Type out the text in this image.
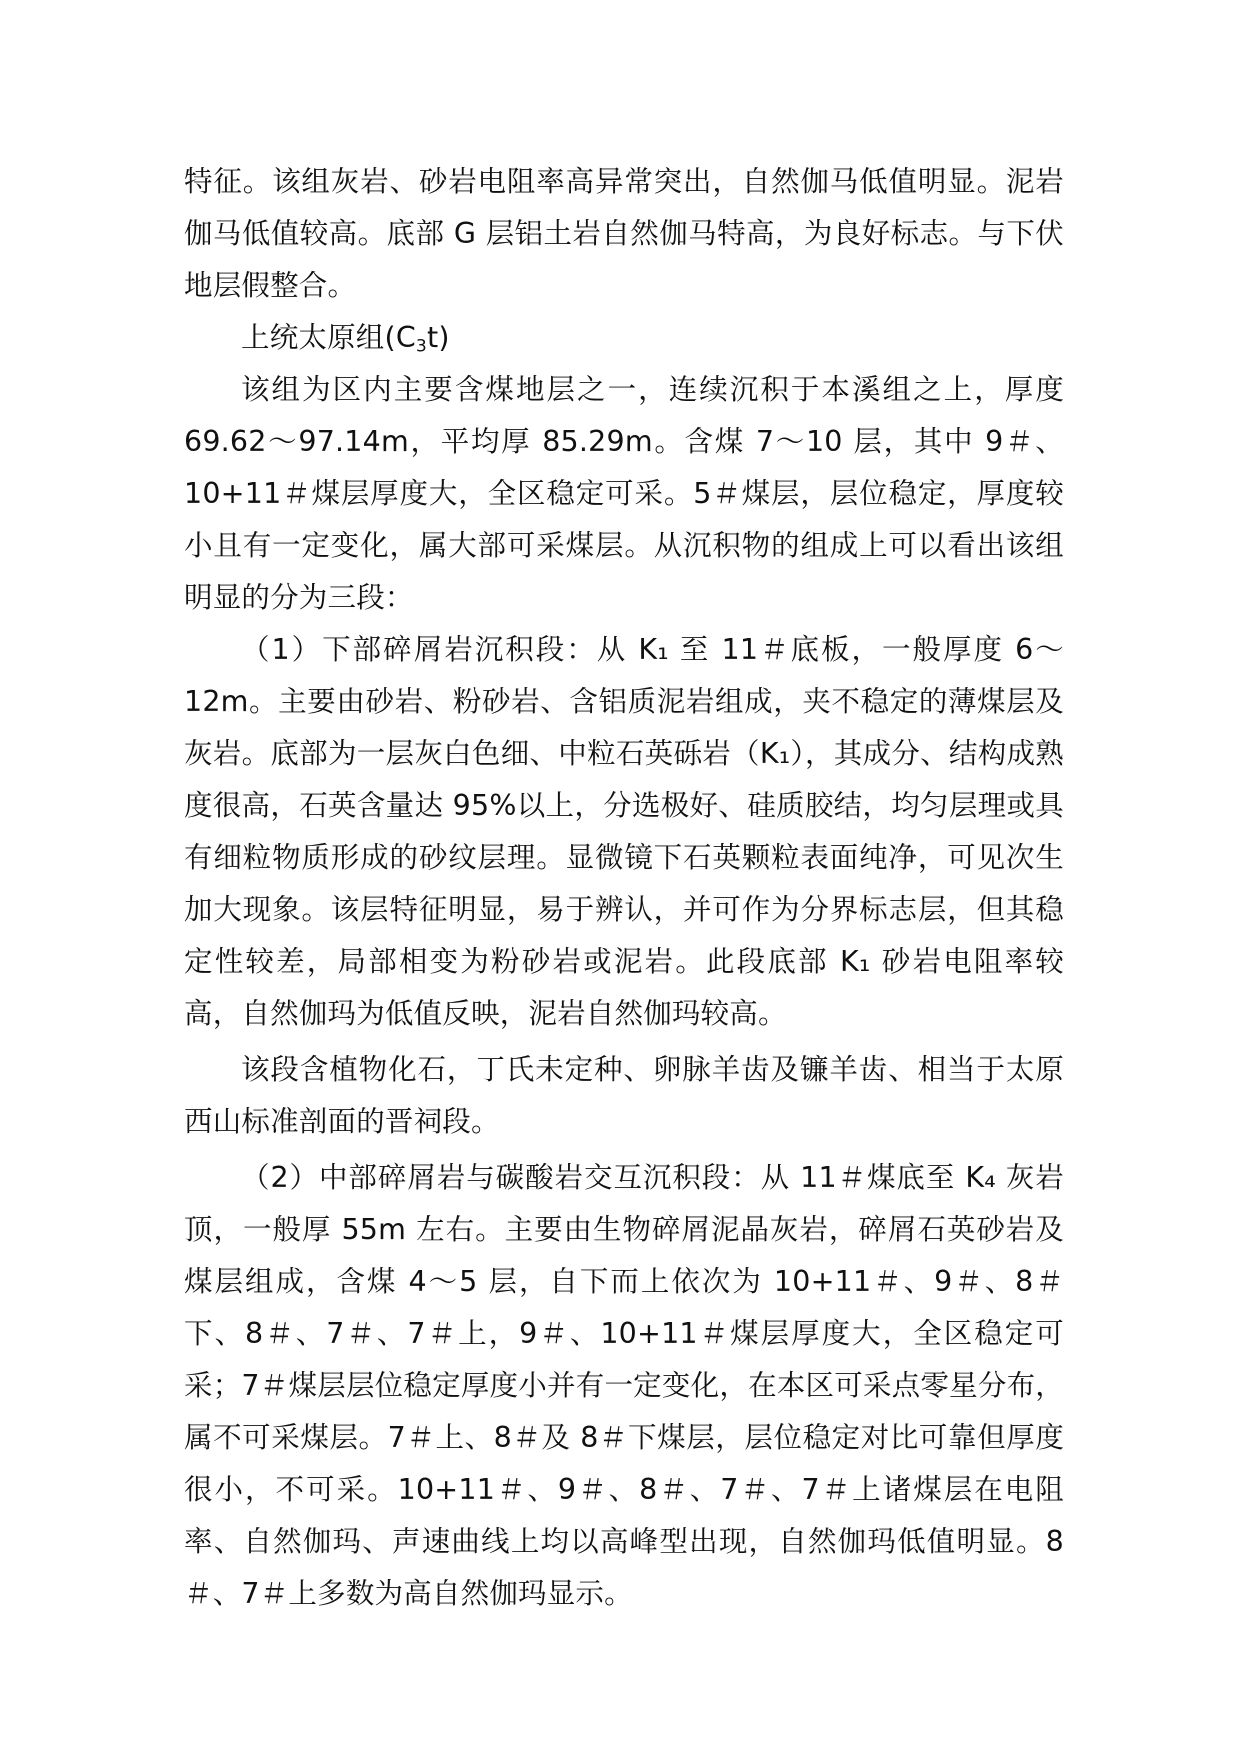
特征。该组灰岩、砂岩电阻率高异常突出，自然伽马低值明显。泥岩伽马低值较高。底部 G 层铝土岩自然伽马特高，为良好标志。与下伏地层假整合。

上统太原组$(C_3t)$

该组为区内主要含煤地层之一，连续沉积于本溪组之上，厚度 69.62～97.14m，平均厚 85.29m。含煤 7～10 层，其中 9＃、10+11＃煤层厚度大，全区稳定可采。5＃煤层，层位稳定，厚度较小且有一定变化，属大部可采煤层。从沉积物的组成上可以看出该组明显的分为三段：

（1）下部碎屑岩沉积段：从 K₁ 至 11＃底板，一般厚度 6～12m。主要由砂岩、粉砂岩、含铝质泥岩组成，夹不稳定的薄煤层及灰岩。底部为一层灰白色细、中粒石英砾岩（K₁），其成分、结构成熟度很高，石英含量达 95%以上，分选极好、硅质胶结，均匀层理或具有细粒物质形成的砂纹层理。显微镜下石英颗粒表面纯净，可见次生加大现象。该层特征明显，易于辨认，并可作为分界标志层，但其稳定性较差，局部相变为粉砂岩或泥岩。此段底部 K₁ 砂岩电阻率较高，自然伽玛为低值反映，泥岩自然伽玛较高。

该段含植物化石，丁氏未定种、卵脉羊齿及镰羊齿、相当于太原西山标准剖面的晋祠段。

（2）中部碎屑岩与碳酸岩交互沉积段：从 11＃煤底至 K₄ 灰岩顶，一般厚 55m 左右。主要由生物碎屑泥晶灰岩，碎屑石英砂岩及煤层组成，含煤 4～5 层，自下而上依次为 10+11＃、9＃、8＃下、8＃、7＃、7＃上，9＃、10+11＃煤层厚度大，全区稳定可采；7＃煤层层位稳定厚度小并有一定变化，在本区可采点零星分布，属不可采煤层。7＃上、8＃及 8＃下煤层，层位稳定对比可靠但厚度很小，不可采。10+11＃、9＃、8＃、7＃、7＃上诸煤层在电阻率、自然伽玛、声速曲线上均以高峰型出现，自然伽玛低值明显。8＃、7＃上多数为高自然伽玛显示。
